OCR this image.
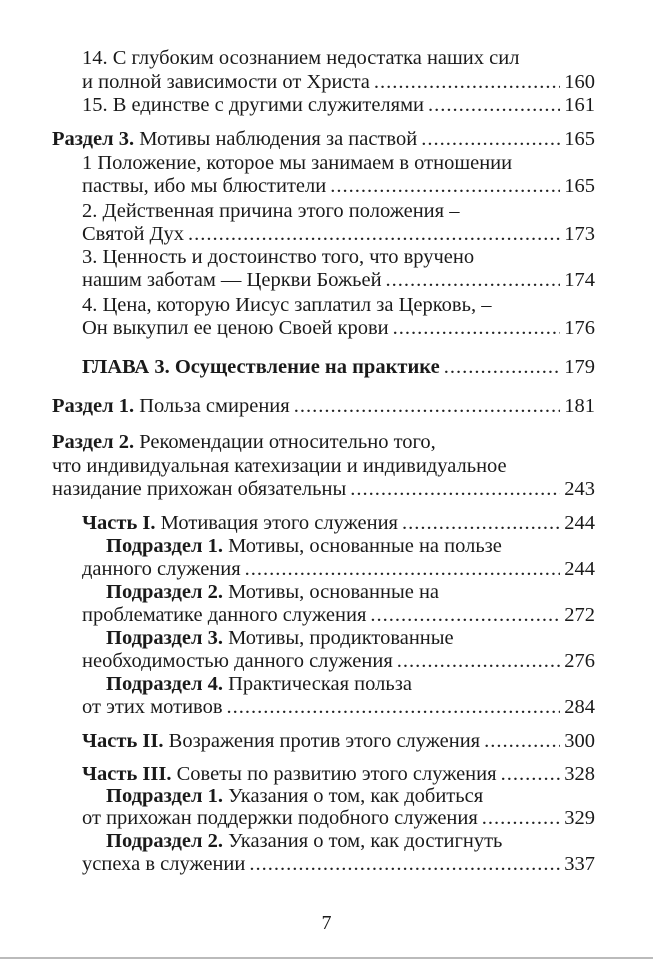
14. С глубоким осознанием недостатка наших сил
и полной зависимости от Христа .....	160
15. В единстве с другими служителями .....	161
Раздел 3. Мотивы наблюдения за паствой .....	165
1 Положение, которое мы занимаем в отношении
паствы, ибо мы блюстители .....	165
2. Действенная причина этого положения –
Святой Дух .....	173
3. Ценность и достоинство того, что вручено
нашим заботам — Церкви Божьей .....	174
4. Цена, которую Иисус заплатил за Церковь, –
Он выкупил ее ценою Своей крови .....	176
ГЛАВА 3. Осуществление на практике .....	179
Раздел 1. Польза смирения .....	181
Раздел 2. Рекомендации относительно того,
что индивидуальная катехизации и индивидуальное
назидание прихожан обязательны .....	243
Часть I. Мотивация этого служения .....	244
Подраздел 1. Мотивы, основанные на пользе
данного служения .....	244
Подраздел 2. Мотивы, основанные на
проблематике данного служения .....	272
Подраздел 3. Мотивы, продиктованные
необходимостью данного служения .....	276
Подраздел 4. Практическая польза
от этих мотивов .....	284
Часть II. Возражения против этого служения .....	300
Часть III. Советы по развитию этого служения .....	328
Подраздел 1. Указания о том, как добиться
от прихожан поддержки подобного служения .....	329
Подраздел 2. Указания о том, как достигнуть
успеха в служении .....	337
7
